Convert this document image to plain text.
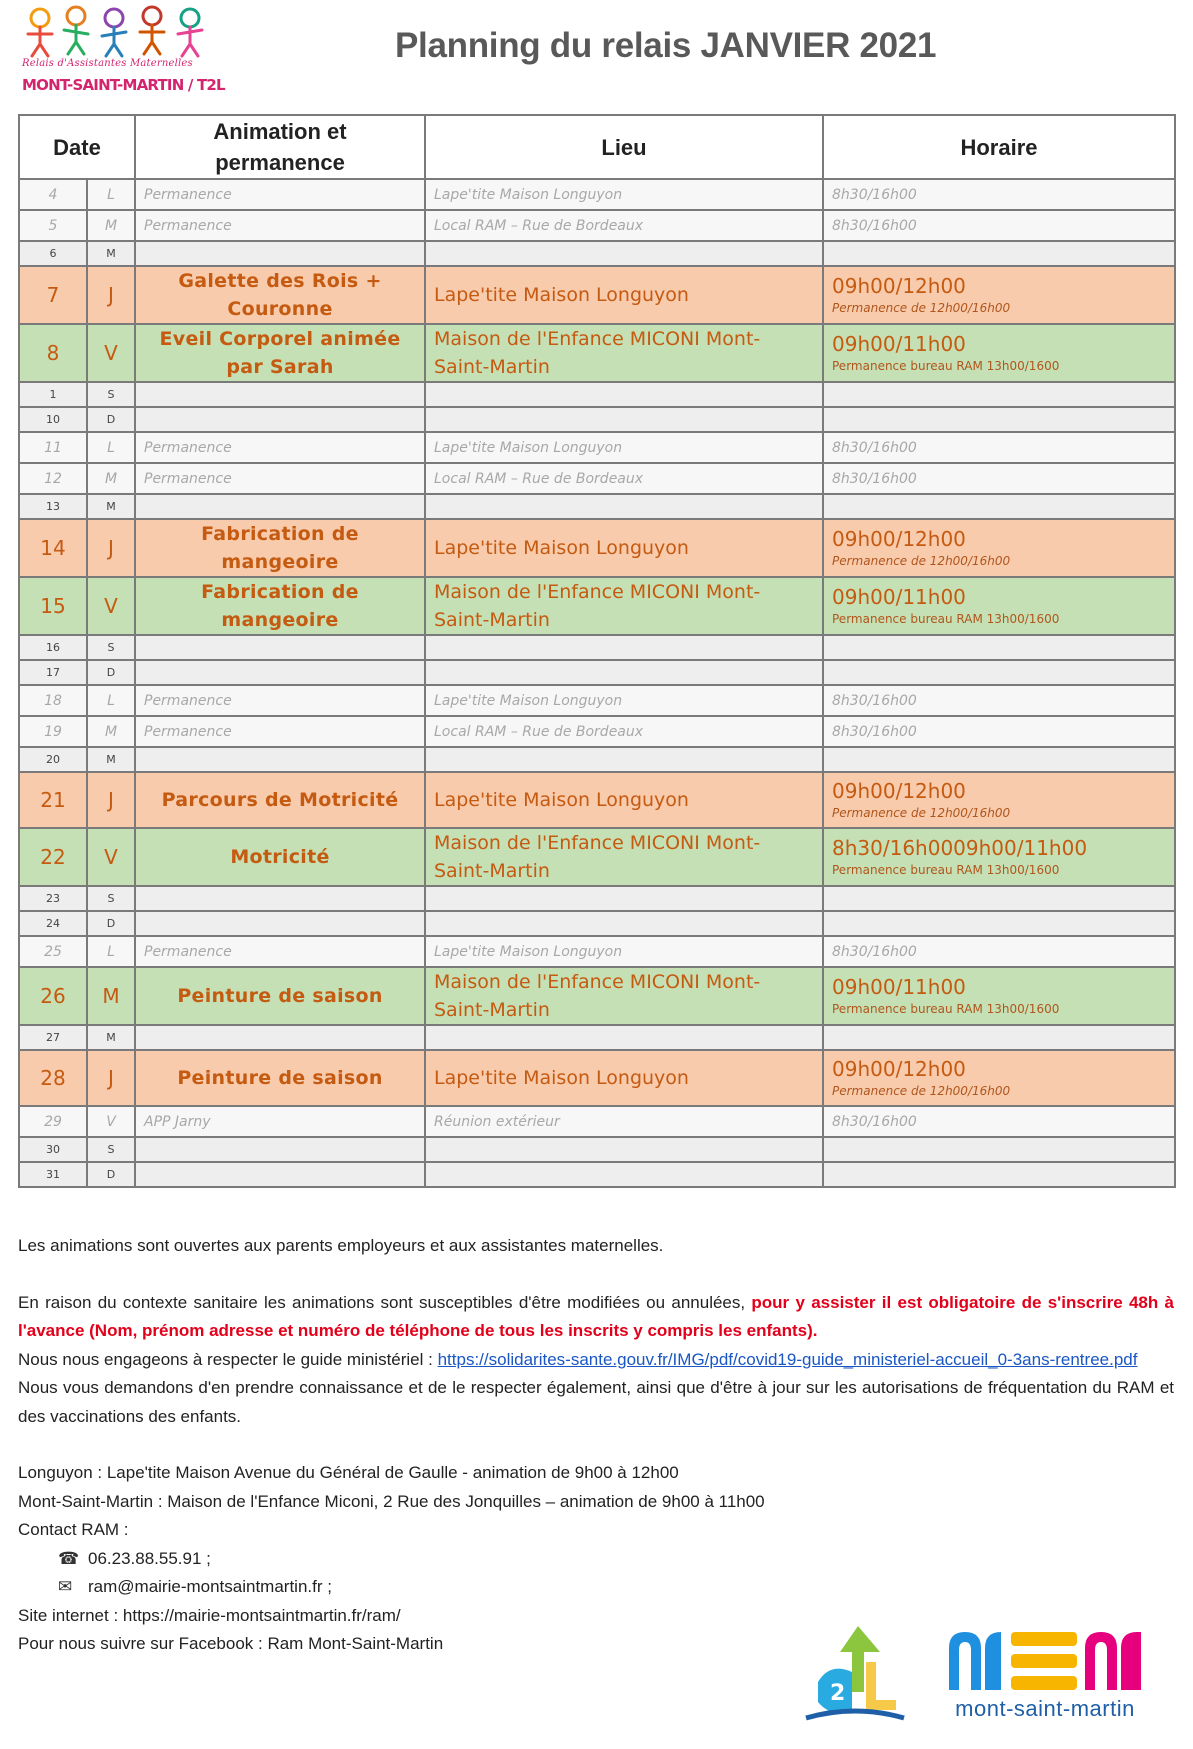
Relais d'Assistantes Maternelles
MONT-SAINT-MARTIN / T2L
Planning du relais JANVIER 2021
Date		Animation et
permanence	Lieu	Horaire
4	L	Permanence	Lape'tite Maison Longuyon	8h30/16h00
5	M	Permanence	Local RAM – Rue de Bordeaux	8h30/16h00
6	M			
7	J	Galette des Rois + Couronne	Lape'tite Maison Longuyon	09h00/12h00
Permanence de 12h00/16h00

8	V	Eveil Corporel animée par Sarah	Maison de l'Enfance MICONI Mont-Saint-Martin	09h00/11h00
Permanence bureau RAM 13h00/1600

1	S			
10	D			
11	L	Permanence	Lape'tite Maison Longuyon	8h30/16h00
12	M	Permanence	Local RAM – Rue de Bordeaux	8h30/16h00
13	M			
14	J	Fabrication de mangeoire	Lape'tite Maison Longuyon	09h00/12h00
Permanence de 12h00/16h00

15	V	Fabrication de mangeoire	Maison de l'Enfance MICONI Mont-Saint-Martin	09h00/11h00
Permanence bureau RAM 13h00/1600

16	S			
17	D			
18	L	Permanence	Lape'tite Maison Longuyon	8h30/16h00
19	M	Permanence	Local RAM – Rue de Bordeaux	8h30/16h00
20	M			
21	J	Parcours de Motricité	Lape'tite Maison Longuyon	09h00/12h00
Permanence de 12h00/16h00

22	V	Motricité	Maison de l'Enfance MICONI Mont-Saint-Martin	8h30/16h0009h00/11h00
Permanence bureau RAM 13h00/1600

23	S			
24	D			
25	L	Permanence	Lape'tite Maison Longuyon	8h30/16h00
26	M	Peinture de saison	Maison de l'Enfance MICONI Mont-Saint-Martin	09h00/11h00
Permanence bureau RAM 13h00/1600

27	M			
28	J	Peinture de saison	Lape'tite Maison Longuyon	09h00/12h00
Permanence de 12h00/16h00

29	V	APP Jarny	Réunion extérieur	8h30/16h00
30	S			
31	D			

Les animations sont ouvertes aux parents employeurs et aux assistantes maternelles.

En raison du contexte sanitaire les animations sont susceptibles d'être modifiées ou annulées, pour y assister il est obligatoire de s'inscrire 48h à l'avance (Nom, prénom adresse et numéro de téléphone de tous les inscrits y compris les enfants).

Nous nous engageons à respecter le guide ministériel : https://solidarites-sante.gouv.fr/IMG/pdf/covid19-guide_ministeriel-accueil_0-3ans-rentree.pdf

Nous vous demandons d'en prendre connaissance et de le respecter également, ainsi que d'être à jour sur les autorisations de fréquentation du RAM et des vaccinations des enfants.

Longuyon : Lape'tite Maison Avenue du Général de Gaulle - animation de 9h00 à 12h00

Mont-Saint-Martin : Maison de l'Enfance Miconi, 2 Rue des Jonquilles – animation de 9h00 à 11h00

Contact RAM :

☎ 06.23.88.55.91 ;
✉ ram@mairie-montsaintmartin.fr ;

Site internet : https://mairie-montsaintmartin.fr/ram/

Pour nous suivre sur Facebook : Ram Mont-Saint-Martin

2
mont-saint-martin
